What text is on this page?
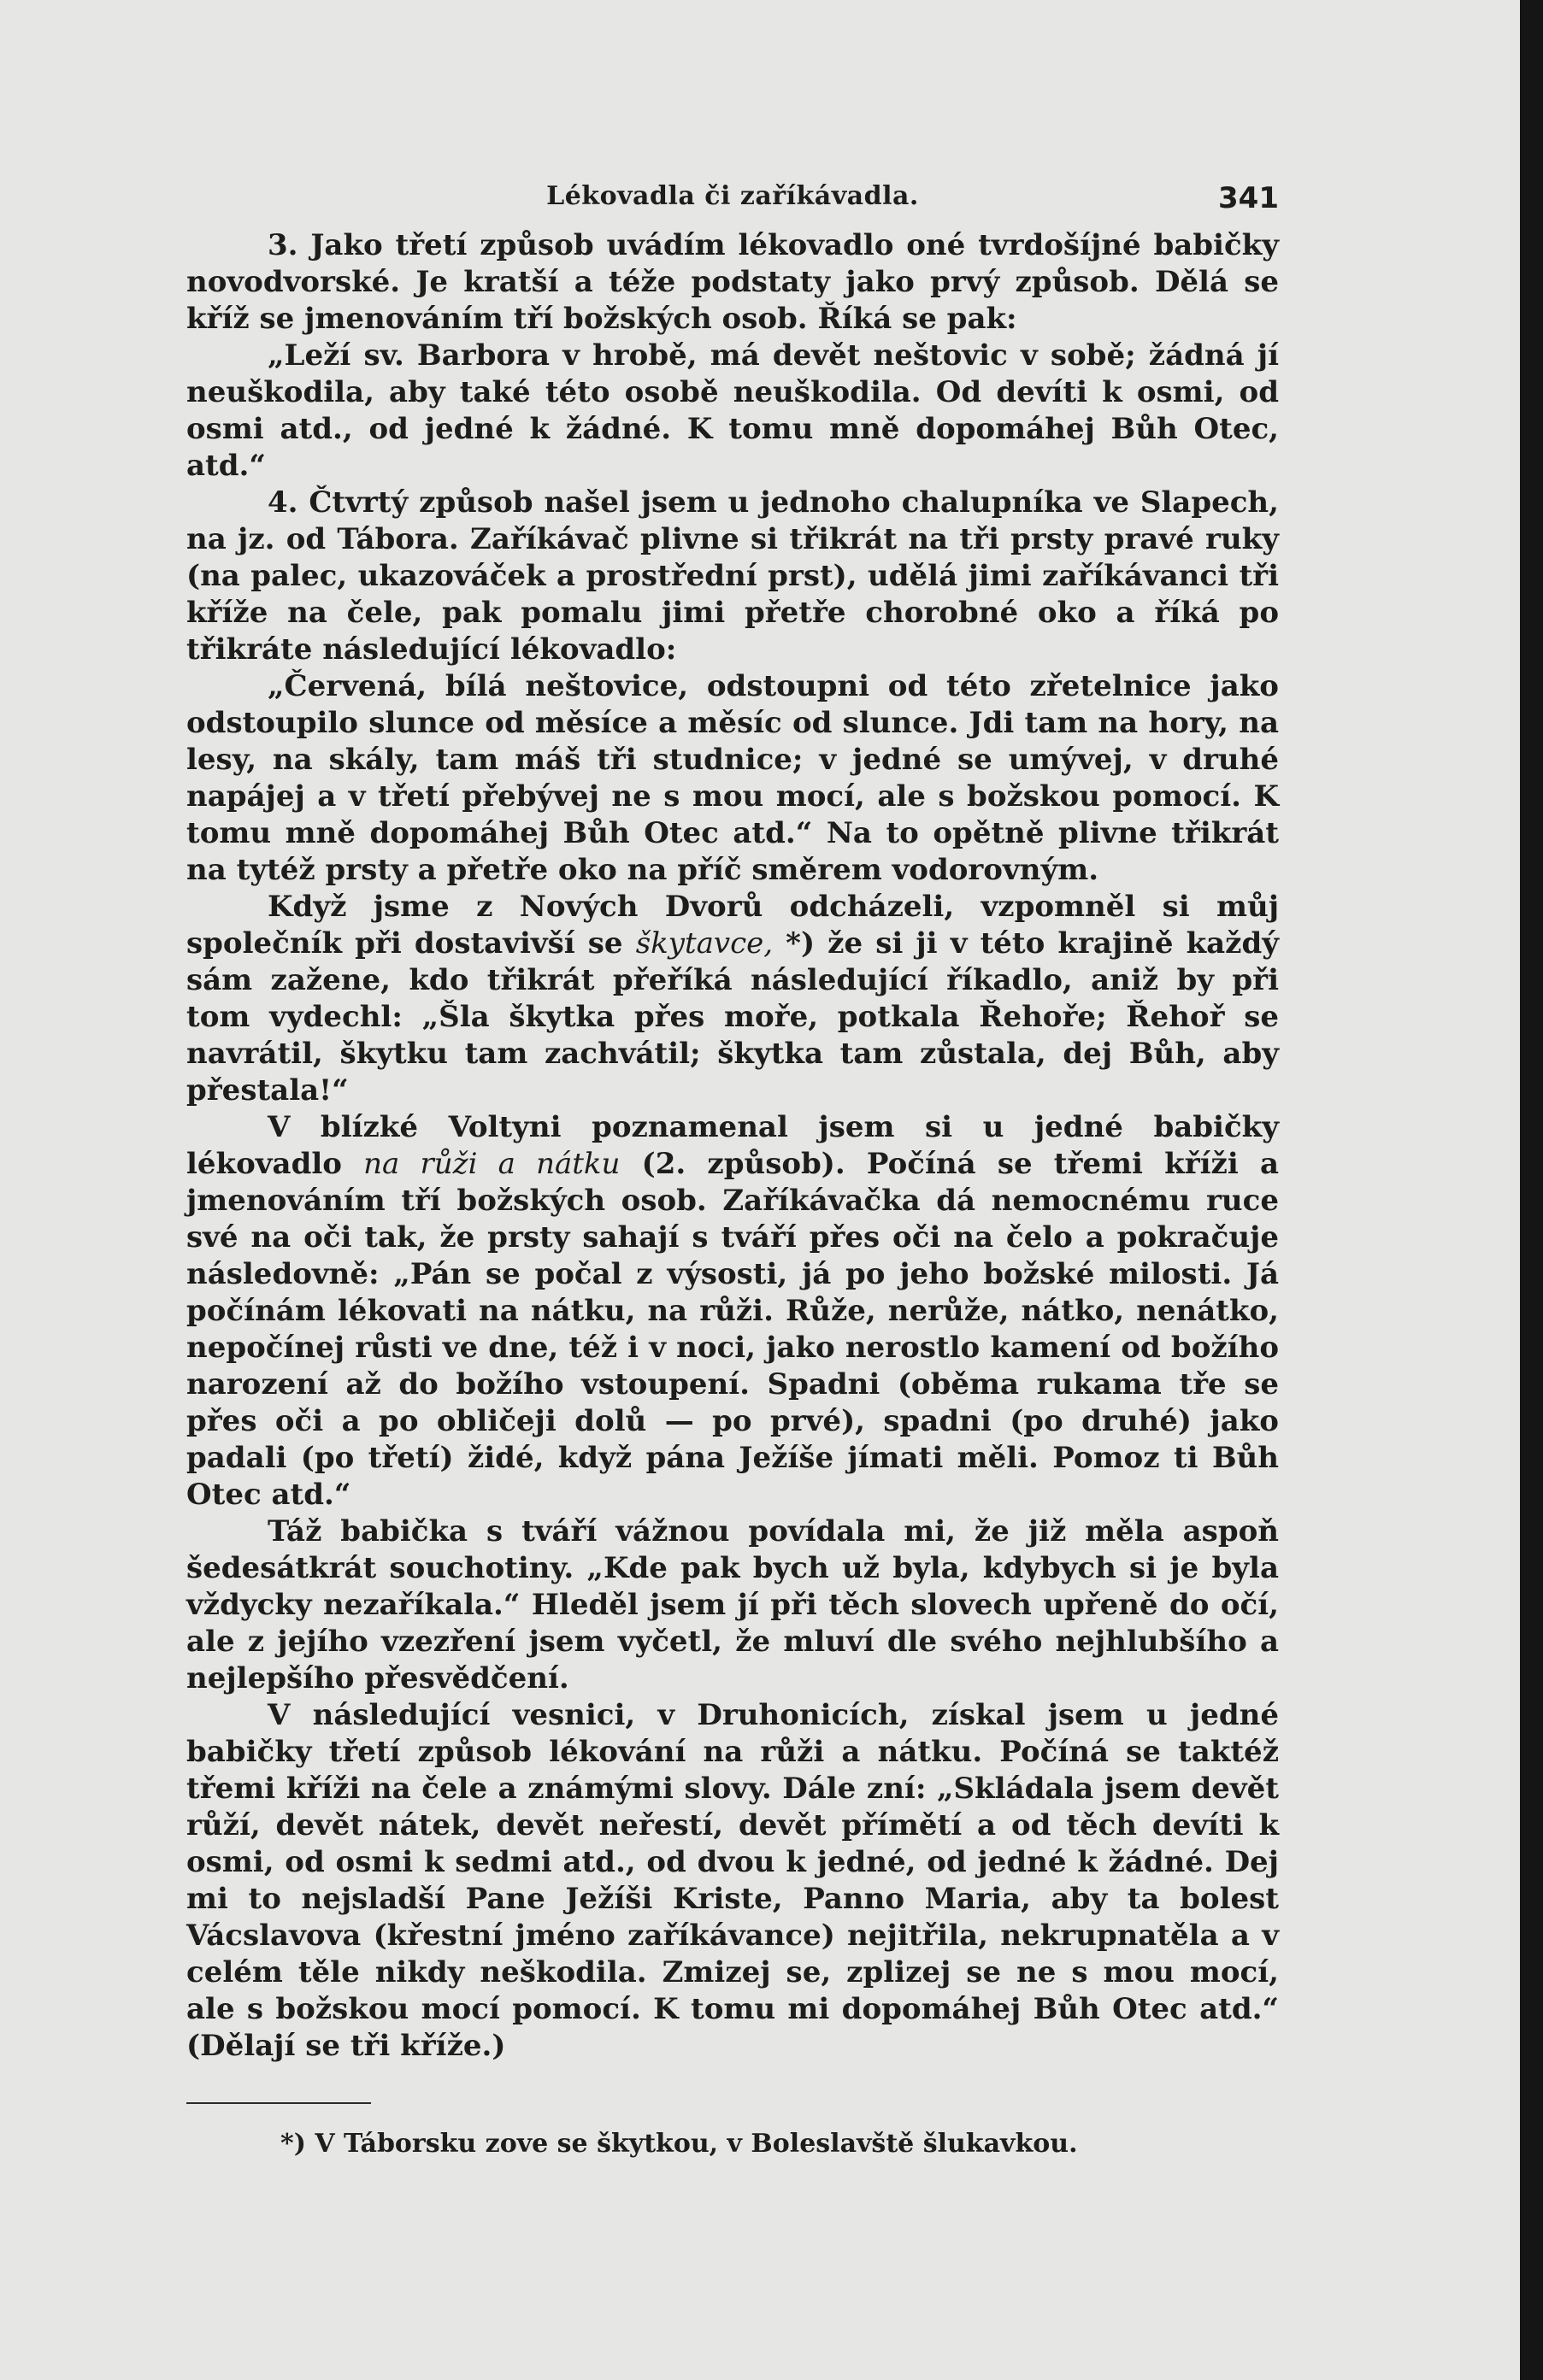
Lékovadla či zaříkávadla.	341

3. Jako třetí způsob uvádím lékovadlo oné tvrdošíjné babičky novodvorské. Je kratší a téže podstaty jako prvý způsob. Dělá se kříž se jmenováním tří božských osob. Říká se pak:

„Leží sv. Barbora v hrobě, má devět neštovic v sobě; žádná jí neuškodila, aby také této osobě neuškodila. Od devíti k osmi, od osmi atd., od jedné k žádné. K tomu mně dopomáhej Bůh Otec, atd.“

4. Čtvrtý způsob našel jsem u jednoho chalupníka ve Slapech, na jz. od Tábora. Zaříkávač plivne si třikrát na tři prsty pravé ruky (na palec, ukazováček a prostřední prst), udělá jimi zaříkávanci tři kříže na čele, pak pomalu jimi přetře chorobné oko a říká po třikráte následující lékovadlo:

„Červená, bílá neštovice, odstoupni od této zřetelnice jako odstoupilo slunce od měsíce a měsíc od slunce. Jdi tam na hory, na lesy, na skály, tam máš tři studnice; v jedné se umývej, v druhé napájej a v třetí přebývej ne s mou mocí, ale s božskou pomocí. K tomu mně dopomáhej Bůh Otec atd.“ Na to opětně plivne třikrát na tytéž prsty a přetře oko na příč směrem vodorovným.

Když jsme z Nových Dvorů odcházeli, vzpomněl si můj společník při dostavivší se škytavce, *) že si ji v této krajině každý sám zažene, kdo třikrát přeříká následující říkadlo, aniž by při tom vydechl: „Šla škytka přes moře, potkala Řehoře; Řehoř se navrátil, škytku tam zachvátil; škytka tam zůstala, dej Bůh, aby přestala!“

V blízké Voltyni poznamenal jsem si u jedné babičky lékovadlo na růži a nátku (2. způsob). Počíná se třemi kříži a jmenováním tří božských osob. Zaříkávačka dá nemocnému ruce své na oči tak, že prsty sahají s tváří přes oči na čelo a pokračuje následovně: „Pán se počal z výsosti, já po jeho božské milosti. Já počínám lékovati na nátku, na růži. Růže, nerůže, nátko, nenátko, nepočínej růsti ve dne, též i v noci, jako nerostlo kamení od božího narození až do božího vstoupení. Spadni (oběma rukama tře se přes oči a po obličeji dolů — po prvé), spadni (po druhé) jako padali (po třetí) židé, když pána Ježíše jímati měli. Pomoz ti Bůh Otec atd.“

Táž babička s tváří vážnou povídala mi, že již měla aspoň šedesátkrát souchotiny. „Kde pak bych už byla, kdybych si je byla vždycky nezaříkala.“ Hleděl jsem jí při těch slovech upřeně do očí, ale z jejího vzezření jsem vyčetl, že mluví dle svého nejhlubšího a nejlepšího přesvědčení.

V následující vesnici, v Druhonicích, získal jsem u jedné babičky třetí způsob lékování na růži a nátku. Počíná se taktéž třemi kříži na čele a známými slovy. Dále zní: „Skládala jsem devět růží, devět nátek, devět neřestí, devět přímětí a od těch devíti k osmi, od osmi k sedmi atd., od dvou k jedné, od jedné k žádné. Dej mi to nejsladší Pane Ježíši Kriste, Panno Maria, aby ta bolest Vácslavova (křestní jméno zaříkávance) nejitřila, nekrupnatěla a v celém těle nikdy neškodila. Zmizej se, zplizej se ne s mou mocí, ale s božskou mocí pomocí. K tomu mi dopomáhej Bůh Otec atd.“ (Dělají se tři kříže.)

*) V Táborsku zove se škytkou, v Boleslavště šlukavkou.
